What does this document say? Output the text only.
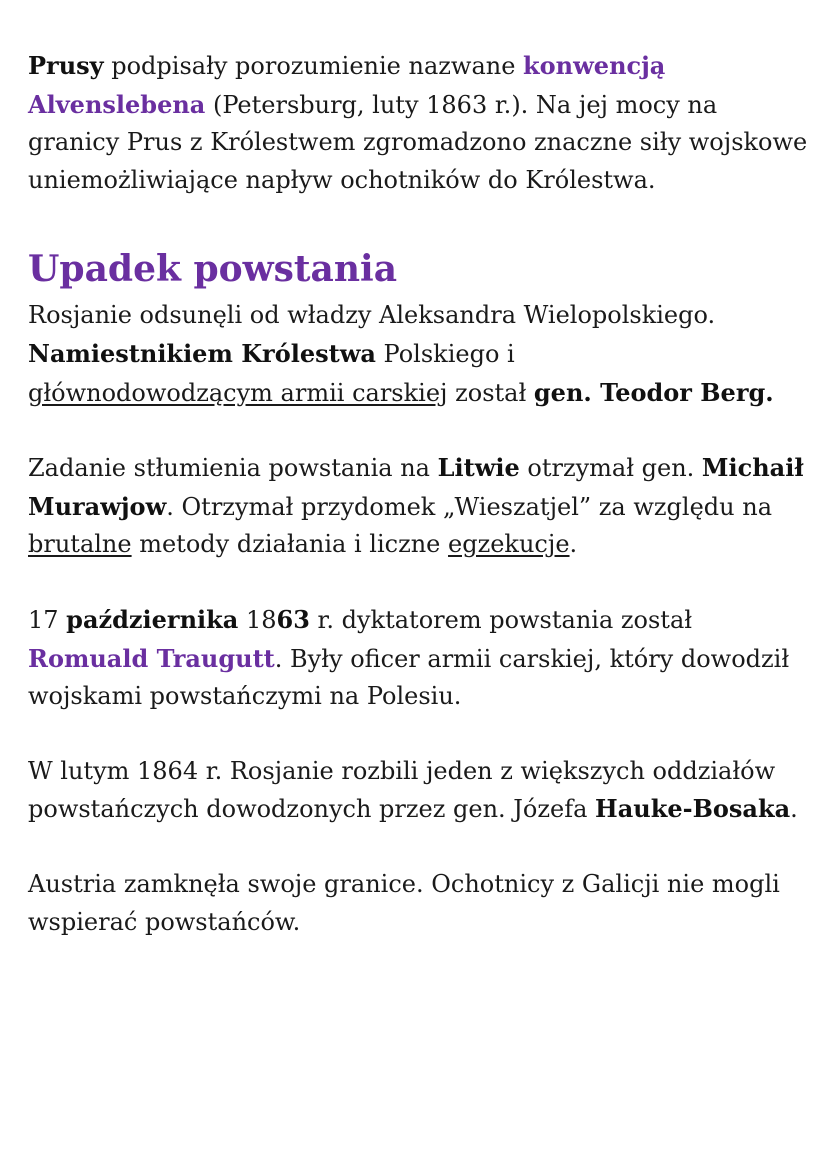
Prusy podpisały porozumienie nazwane konwencją Alvenslebena (Petersburg, luty 1863 r.). Na jej mocy na granicy Prus z Królestwem zgromadzono znaczne siły wojskowe uniemożliwiające napływ ochotników do Królestwa.

Upadek powstania

Rosjanie odsunęli od władzy Aleksandra Wielopolskiego.
Namiestnikiem Królestwa Polskiego i
głównodowodzącym armii carskiej został gen. Teodor Berg.

Zadanie stłumienia powstania na Litwie otrzymał gen. Michaił Murawjow. Otrzymał przydomek „Wieszatjel” za względu na brutalne metody działania i liczne egzekucje.

17 października 1863 r. dyktatorem powstania został Romuald Traugutt. Były oficer armii carskiej, który dowodził wojskami powstańczymi na Polesiu.

W lutym 1864 r. Rosjanie rozbili jeden z większych oddziałów powstańczych dowodzonych przez gen. Józefa Hauke-Bosaka.

Austria zamknęła swoje granice. Ochotnicy z Galicji nie mogli wspierać powstańców.
